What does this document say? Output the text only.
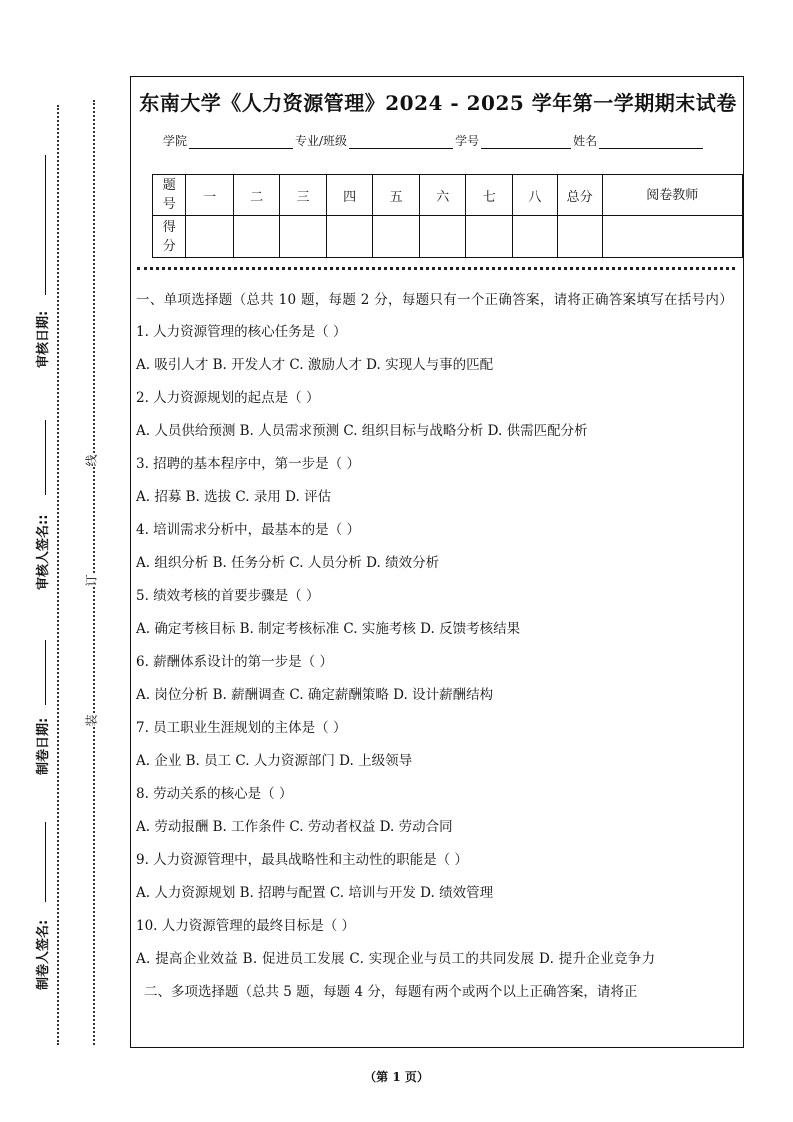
审核日期:
审核人签名::
制卷日期:
制卷人签名:
线
订
装
东南大学《人力资源管理》2024 - 2025 学年第一学期期末试卷
学院	专业/班级	学号	姓名
题号	一	二	三	四	五	六	七	八	总分	阅卷教师
得分										

一、单项选择题（总共 10 题，每题 2 分，每题只有一个正确答案，请将正确答案填写在括号内）

1. 人力资源管理的核心任务是（ ）

A. 吸引人才 B. 开发人才 C. 激励人才 D. 实现人与事的匹配

2. 人力资源规划的起点是（ ）

A. 人员供给预测 B. 人员需求预测 C. 组织目标与战略分析 D. 供需匹配分析

3. 招聘的基本程序中，第一步是（ ）

A. 招募 B. 选拔 C. 录用 D. 评估

4. 培训需求分析中，最基本的是（ ）

A. 组织分析 B. 任务分析 C. 人员分析 D. 绩效分析

5. 绩效考核的首要步骤是（ ）

A. 确定考核目标 B. 制定考核标准 C. 实施考核 D. 反馈考核结果

6. 薪酬体系设计的第一步是（ ）

A. 岗位分析 B. 薪酬调查 C. 确定薪酬策略 D. 设计薪酬结构

7. 员工职业生涯规划的主体是（ ）

A. 企业 B. 员工 C. 人力资源部门 D. 上级领导

8. 劳动关系的核心是（ ）

A. 劳动报酬 B. 工作条件 C. 劳动者权益 D. 劳动合同

9. 人力资源管理中，最具战略性和主动性的职能是（ ）

A. 人力资源规划 B. 招聘与配置 C. 培训与开发 D. 绩效管理

10. 人力资源管理的最终目标是（ ）

A. 提高企业效益 B. 促进员工发展 C. 实现企业与员工的共同发展 D. 提升企业竞争力

二、多项选择题（总共 5 题，每题 4 分，每题有两个或两个以上正确答案，请将正

（第 1 页）
